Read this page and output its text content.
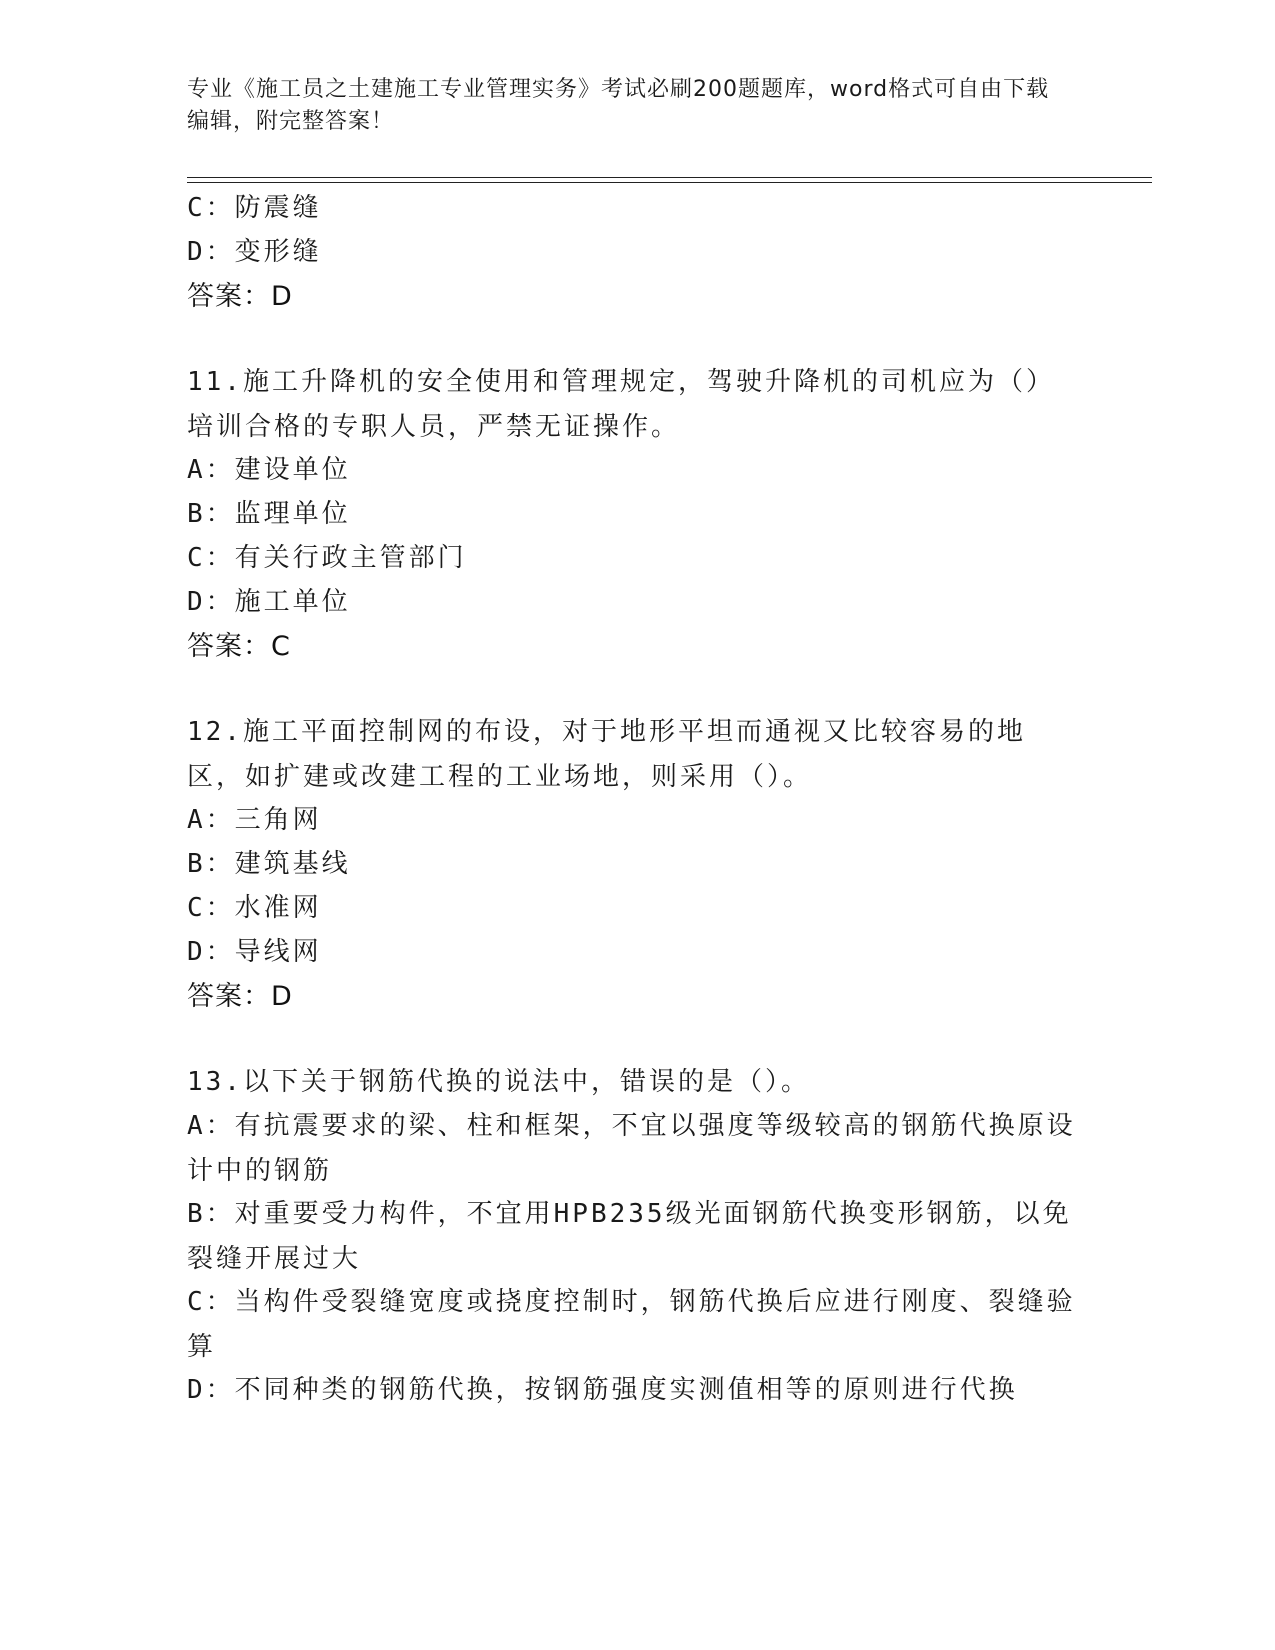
专业《施工员之土建施工专业管理实务》考试必刷200题题库，word格式可自由下载编辑，附完整答案！
C：防震缝
D：变形缝
答案：D
11.施工升降机的安全使用和管理规定，驾驶升降机的司机应为（）培训合格的专职人员，严禁无证操作。
A：建设单位
B：监理单位
C：有关行政主管部门
D：施工单位
答案：C
12.施工平面控制网的布设，对于地形平坦而通视又比较容易的地区，如扩建或改建工程的工业场地，则采用（）。
A：三角网
B：建筑基线
C：水准网
D：导线网
答案：D
13.以下关于钢筋代换的说法中，错误的是（）。
A：有抗震要求的梁、柱和框架，不宜以强度等级较高的钢筋代换原设计中的钢筋
B：对重要受力构件，不宜用HPB235级光面钢筋代换变形钢筋，以免裂缝开展过大
C：当构件受裂缝宽度或挠度控制时，钢筋代换后应进行刚度、裂缝验算
D：不同种类的钢筋代换，按钢筋强度实测值相等的原则进行代换
